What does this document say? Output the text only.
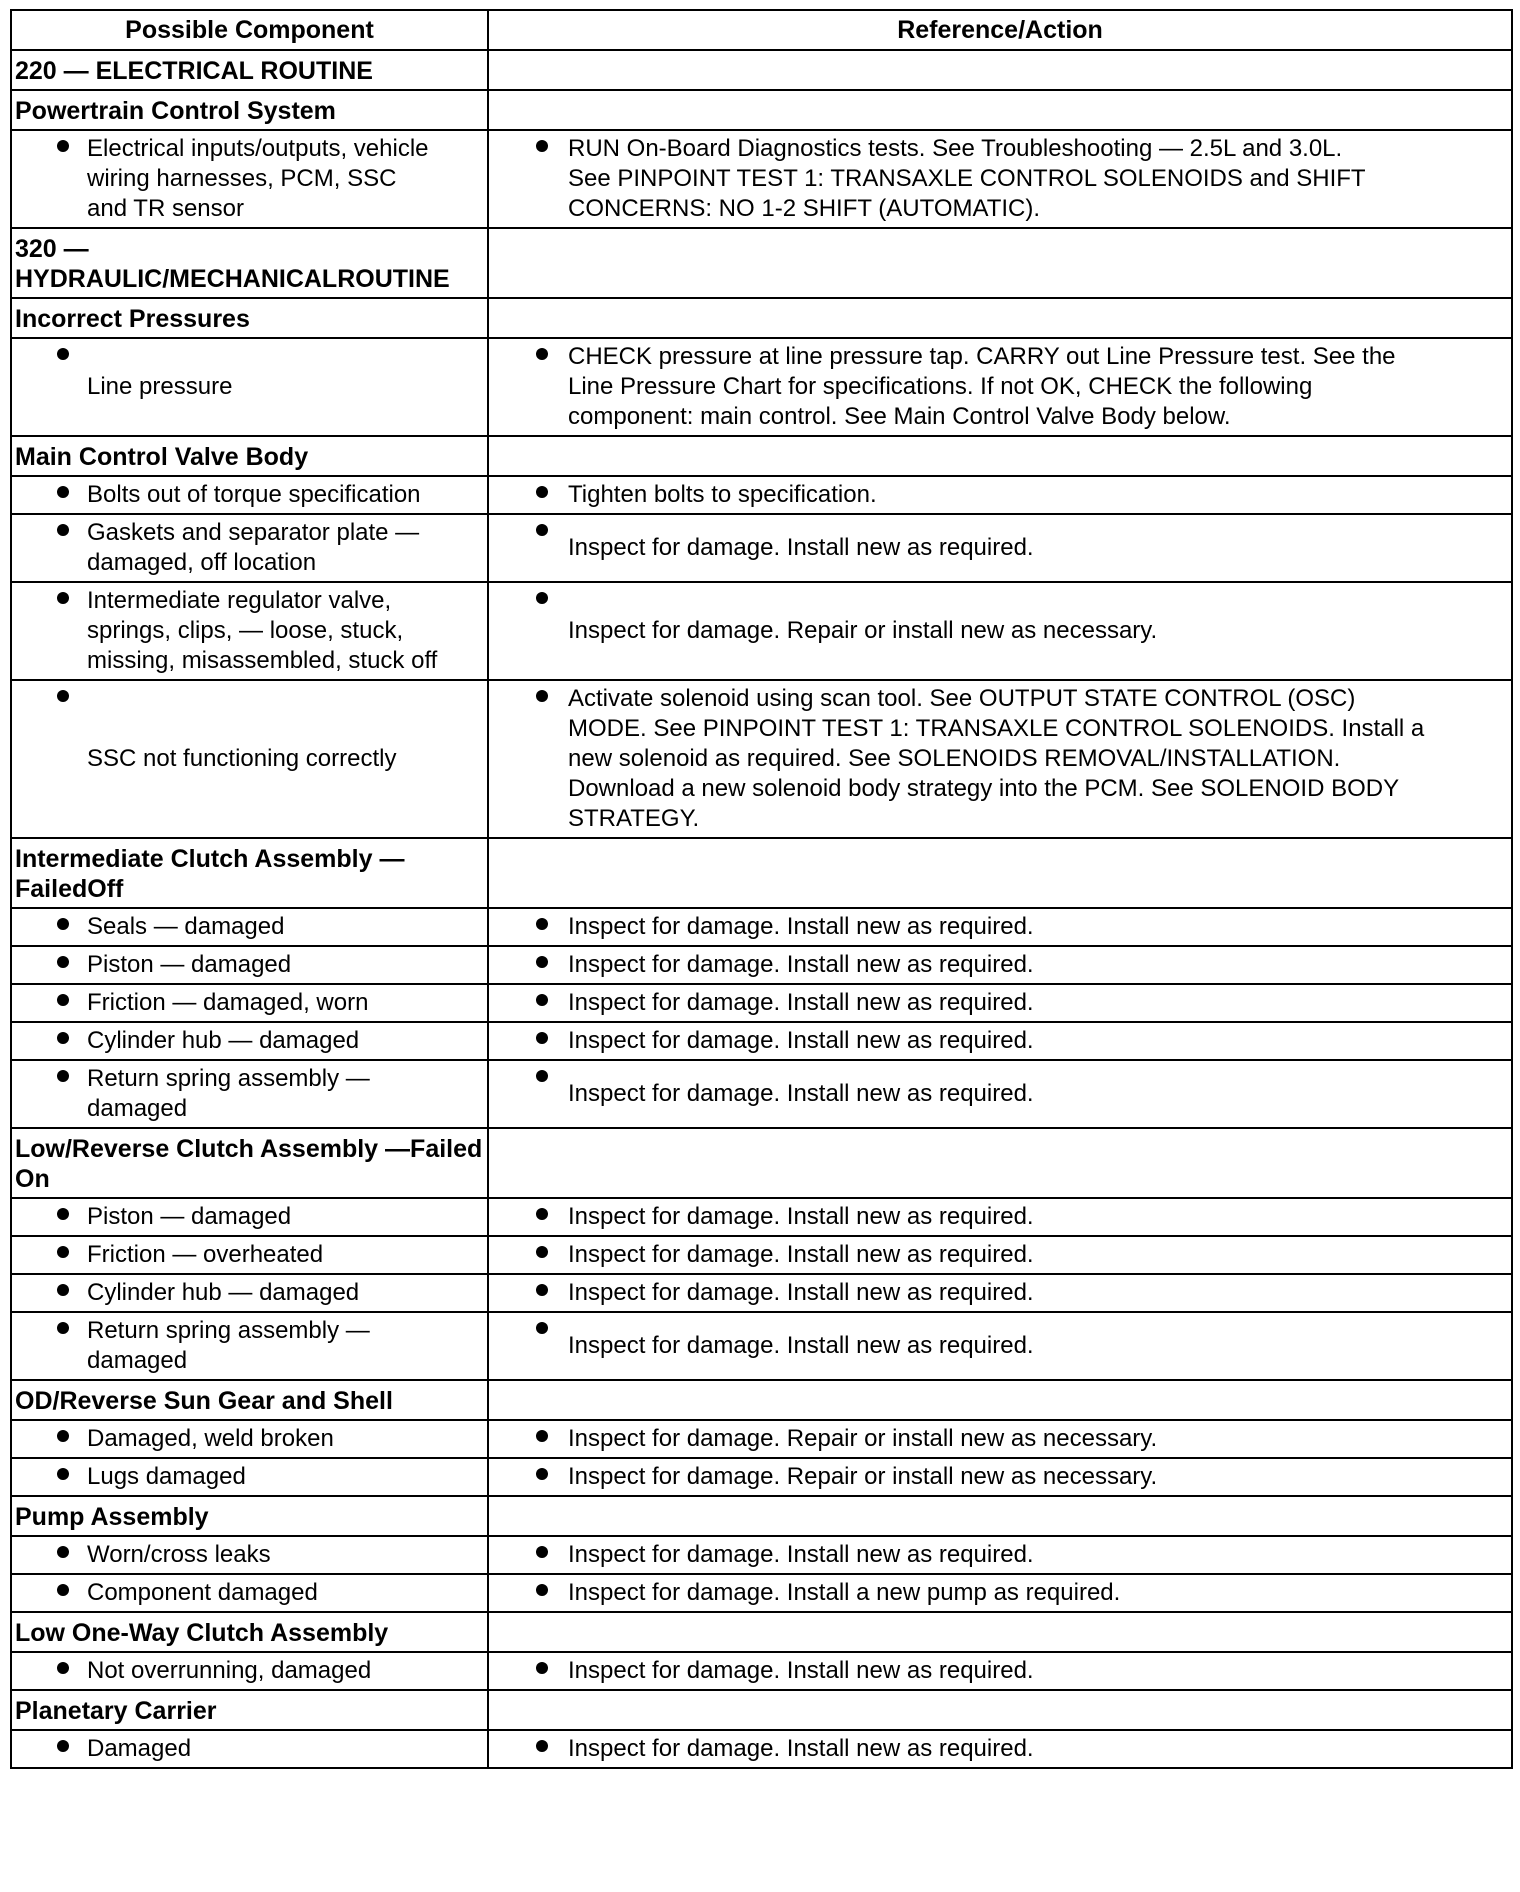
Possible Component	Reference/Action
220 — ELECTRICAL ROUTINE	
Powertrain Control System	

Electrical inputs/outputs, vehicle
wiring harnesses, PCM, SSC
and TR sensor	RUN On-Board Diagnostics tests. See Troubleshooting — 2.5L and 3.0L.
See PINPOINT TEST 1: TRANSAXLE CONTROL SOLENOIDS and SHIFT
CONCERNS: NO 1-2 SHIFT (AUTOMATIC).

320 — HYDRAULIC/MECHANICALROUTINE	
Incorrect Pressures	

Line pressure	CHECK pressure at line pressure tap. CARRY out Line Pressure test. See the
Line Pressure Chart for specifications. If not OK, CHECK the following
component: main control. See Main Control Valve Body below.

Main Control Valve Body	

Bolts out of torque specification	Tighten bolts to specification.

Gaskets and separator plate —
damaged, off location	Inspect for damage. Install new as required.

Intermediate regulator valve,
springs, clips, — loose, stuck,
missing, misassembled, stuck off	Inspect for damage. Repair or install new as necessary.

SSC not functioning correctly	Activate solenoid using scan tool. See OUTPUT STATE CONTROL (OSC)
MODE. See PINPOINT TEST 1: TRANSAXLE CONTROL SOLENOIDS. Install a
new solenoid as required. See SOLENOIDS REMOVAL/INSTALLATION.
Download a new solenoid body strategy into the PCM. See SOLENOID BODY
STRATEGY.

Intermediate Clutch Assembly — FailedOff	

Seals — damaged	Inspect for damage. Install new as required.

Piston — damaged	Inspect for damage. Install new as required.

Friction — damaged, worn	Inspect for damage. Install new as required.

Cylinder hub — damaged	Inspect for damage. Install new as required.

Return spring assembly —
damaged	Inspect for damage. Install new as required.

Low/Reverse Clutch Assembly —Failed On	

Piston — damaged	Inspect for damage. Install new as required.

Friction — overheated	Inspect for damage. Install new as required.

Cylinder hub — damaged	Inspect for damage. Install new as required.

Return spring assembly —
damaged	Inspect for damage. Install new as required.

OD/Reverse Sun Gear and Shell	

Damaged, weld broken	Inspect for damage. Repair or install new as necessary.

Lugs damaged	Inspect for damage. Repair or install new as necessary.

Pump Assembly	

Worn/cross leaks	Inspect for damage. Install new as required.

Component damaged	Inspect for damage. Install a new pump as required.

Low One-Way Clutch Assembly	

Not overrunning, damaged	Inspect for damage. Install new as required.

Planetary Carrier	

Damaged	Inspect for damage. Install new as required.
